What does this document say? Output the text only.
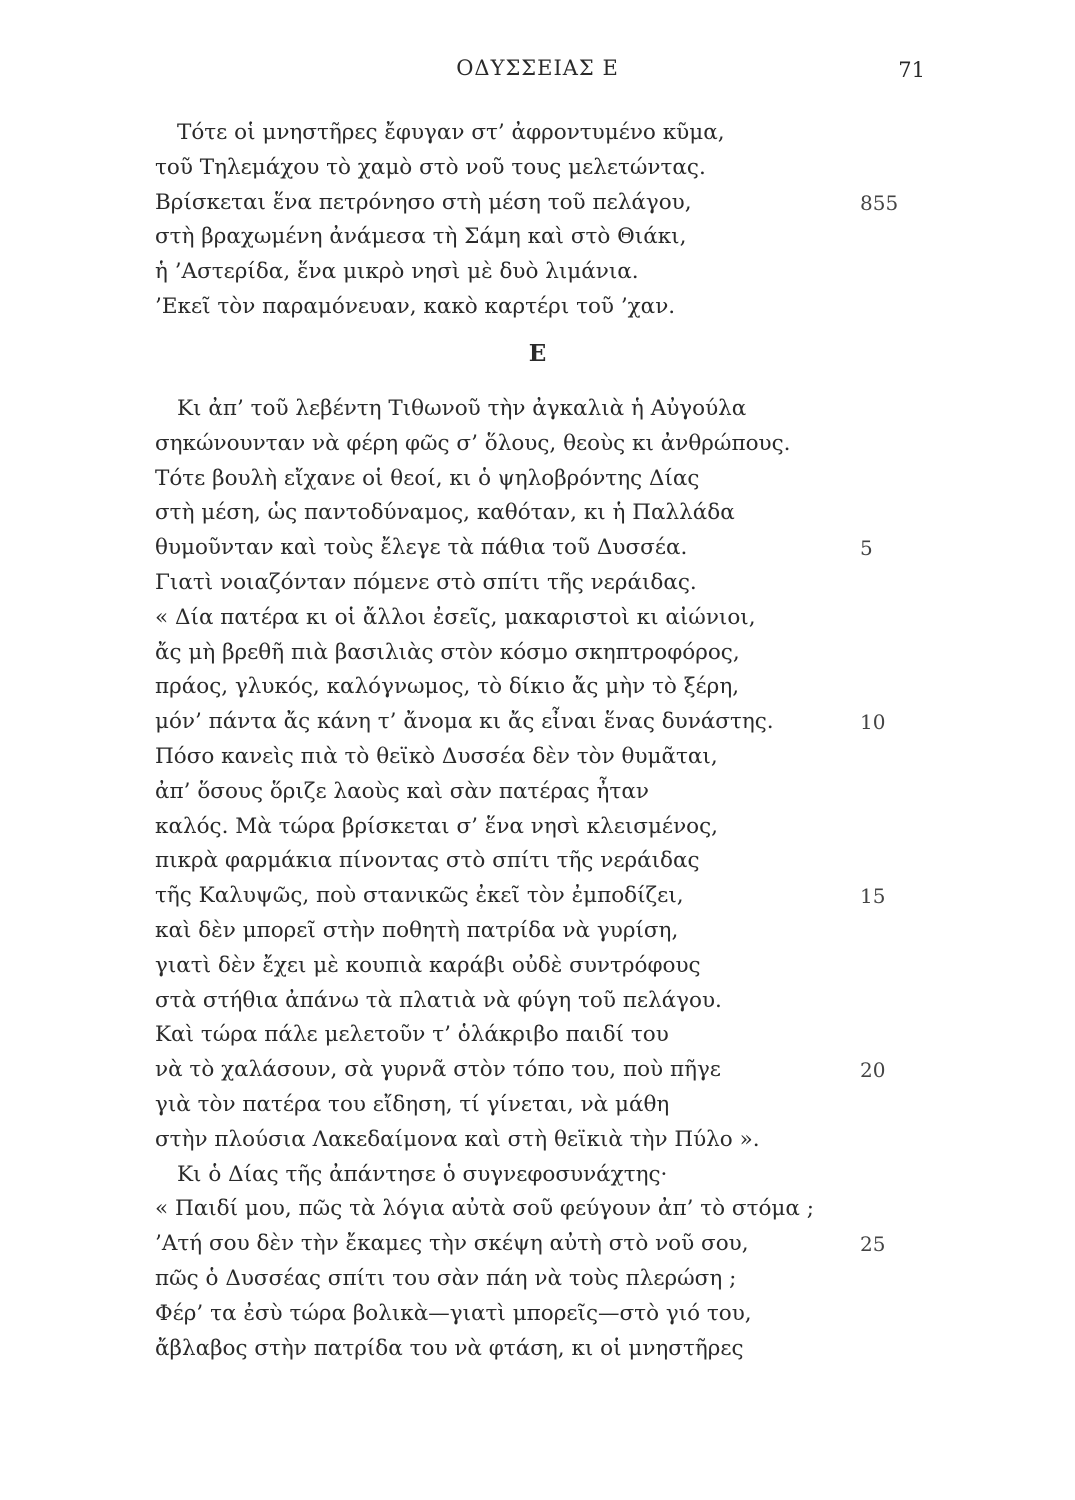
ΟΔΥΣΣΕΙΑΣ Ε	71
Τότε οἱ μνηστῆρες ἔφυγαν στ’ ἀφροντυμένο κῦμα,
τοῦ Τηλεμάχου τὸ χαμὸ στὸ νοῦ τους μελετώντας.
Βρίσκεται ἕνα πετρόνησο στὴ μέση τοῦ πελάγου,	855
στὴ βραχωμένη ἀνάμεσα τὴ Σάμη καὶ στὸ Θιάκι,
ἡ ’Αστερίδα, ἕνα μικρὸ νησὶ μὲ δυὸ λιμάνια.
’Εκεῖ τὸν παραμόνευαν, κακὸ καρτέρι τοῦ ’χαν.
Ε
Κι ἀπ’ τοῦ λεβέντη Τιθωνοῦ τὴν ἀγκαλιὰ ἡ Αὐγούλα
σηκώνουνταν νὰ φέρη φῶς σ’ ὅλους, θεοὺς κι ἀνθρώπους.
Τότε βουλὴ εἴχανε οἱ θεοί, κι ὁ ψηλοβρόντης Δίας
στὴ μέση, ὡς παντοδύναμος, καθόταν, κι ἡ Παλλάδα
θυμοῦνταν καὶ τοὺς ἔλεγε τὰ πάθια τοῦ Δυσσέα.	5
Γιατὶ νοιαζόνταν πόμενε στὸ σπίτι τῆς νεράιδας.
« Δία πατέρα κι οἱ ἄλλοι ἐσεῖς, μακαριστοὶ κι αἰώνιοι,
ἄς μὴ βρεθῆ πιὰ βασιλιὰς στὸν κόσμο σκηπτροφόρος,
πράος, γλυκός, καλόγνωμος, τὸ δίκιο ἄς μὴν τὸ ξέρη,
μόν’ πάντα ἄς κάνη τ’ ἄνομα κι ἄς εἶναι ἕνας δυνάστης.	10
Πόσο κανεὶς πιὰ τὸ θεϊκὸ Δυσσέα δὲν τὸν θυμᾶται,
ἀπ’ ὅσους ὅριζε λαοὺς καὶ σὰν πατέρας ἦταν
καλός. Μὰ τώρα βρίσκεται σ’ ἕνα νησὶ κλεισμένος,
πικρὰ φαρμάκια πίνοντας στὸ σπίτι τῆς νεράιδας
τῆς Καλυψῶς, ποὺ στανικῶς ἐκεῖ τὸν ἐμποδίζει,	15
καὶ δὲν μπορεῖ στὴν ποθητὴ πατρίδα νὰ γυρίση,
γιατὶ δὲν ἔχει μὲ κουπιὰ καράβι οὐδὲ συντρόφους
στὰ στήθια ἀπάνω τὰ πλατιὰ νὰ φύγη τοῦ πελάγου.
Καὶ τώρα πάλε μελετοῦν τ’ ὁλάκριβο παιδί του
νὰ τὸ χαλάσουν, σὰ γυρνᾶ στὸν τόπο του, ποὺ πῆγε	20
γιὰ τὸν πατέρα του εἴδηση, τί γίνεται, νὰ μάθη
στὴν πλούσια Λακεδαίμονα καὶ στὴ θεϊκιὰ τὴν Πύλο ».
Κι ὁ Δίας τῆς ἀπάντησε ὁ συγνεφοσυνάχτης·
« Παιδί μου, πῶς τὰ λόγια αὐτὰ σοῦ φεύγουν ἀπ’ τὸ στόμα ;
’Ατή σου δὲν τὴν ἔκαμες τὴν σκέψη αὐτὴ στὸ νοῦ σου,	25
πῶς ὁ Δυσσέας σπίτι του σὰν πάη νὰ τοὺς πλερώση ;
Φέρ’ τα ἐσὺ τώρα βολικὰ—γιατὶ μπορεῖς—στὸ γιό του,
ἄβλαβος στὴν πατρίδα του νὰ φτάση, κι οἱ μνηστῆρες
